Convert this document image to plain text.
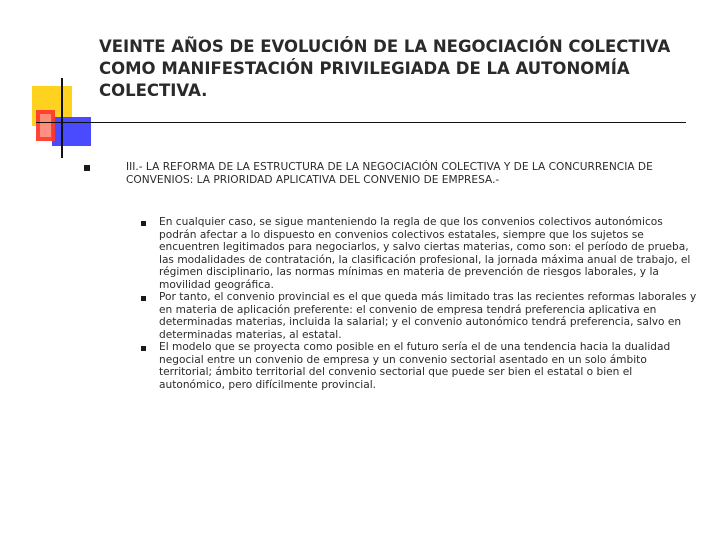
VEINTE AÑOS DE EVOLUCIÓN DE LA NEGOCIACIÓN COLECTIVA COMO MANIFESTACIÓN PRIVILEGIADA DE LA AUTONOMÍA COLECTIVA.

III.- LA REFORMA DE LA ESTRUCTURA DE LA NEGOCIACIÓN COLECTIVA Y DE LA CONCURRENCIA DE CONVENIOS: LA PRIORIDAD APLICATIVA DEL CONVENIO DE EMPRESA.-

En cualquier caso, se sigue manteniendo la regla de que los convenios colectivos autonómicos podrán afectar a lo dispuesto en convenios colectivos estatales, siempre que los sujetos se encuentren legitimados para negociarlos, y salvo ciertas materias, como son: el período de prueba, las modalidades de contratación, la clasificación profesional, la jornada máxima anual de trabajo, el régimen disciplinario, las normas mínimas en materia de prevención de riesgos laborales, y la movilidad geográfica.
Por tanto, el convenio provincial es el que queda más limitado tras las recientes reformas laborales y en materia de aplicación preferente: el convenio de empresa tendrá preferencia aplicativa en determinadas materias, incluida la salarial; y el convenio autonómico tendrá preferencia, salvo en determinadas materias, al estatal.
El modelo que se proyecta como posible en el futuro sería el de una tendencia hacia la dualidad negocial entre un convenio de empresa y un convenio sectorial asentado en un solo ámbito territorial; ámbito territorial del convenio sectorial que puede ser bien el estatal o bien el autonómico, pero difícilmente provincial.
